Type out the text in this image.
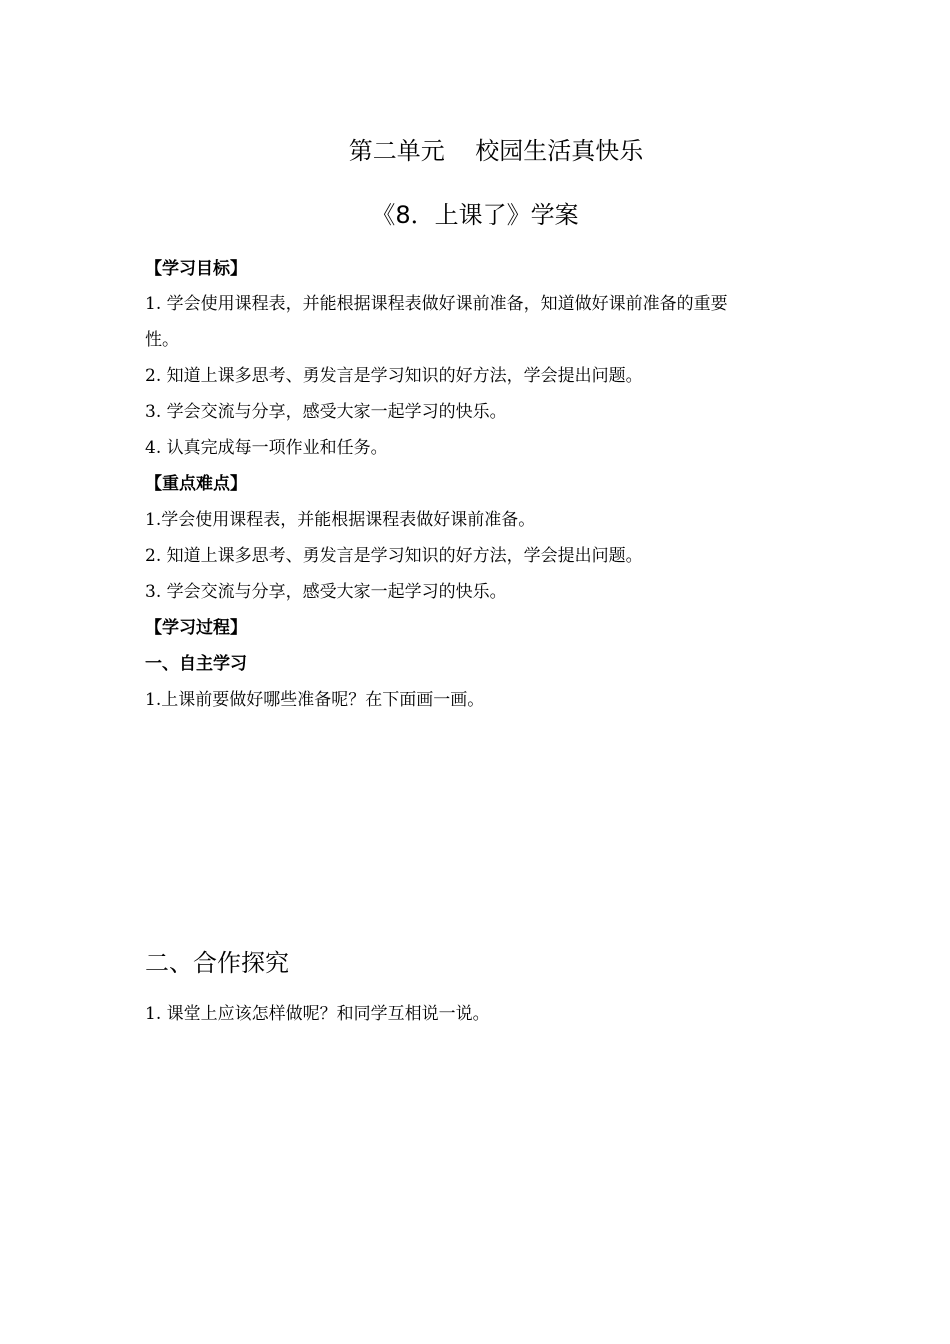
第二单元    校园生活真快乐
《8．上课了》学案
【学习目标】
1. 学会使用课程表，并能根据课程表做好课前准备，知道做好课前准备的重要
性。
2. 知道上课多思考、勇发言是学习知识的好方法，学会提出问题。
3. 学会交流与分享，感受大家一起学习的快乐。
4. 认真完成每一项作业和任务。
【重点难点】
1.学会使用课程表，并能根据课程表做好课前准备。
2. 知道上课多思考、勇发言是学习知识的好方法，学会提出问题。
3. 学会交流与分享，感受大家一起学习的快乐。
【学习过程】
一、自主学习
1.上课前要做好哪些准备呢？在下面画一画。
二、合作探究
1. 课堂上应该怎样做呢？和同学互相说一说。
